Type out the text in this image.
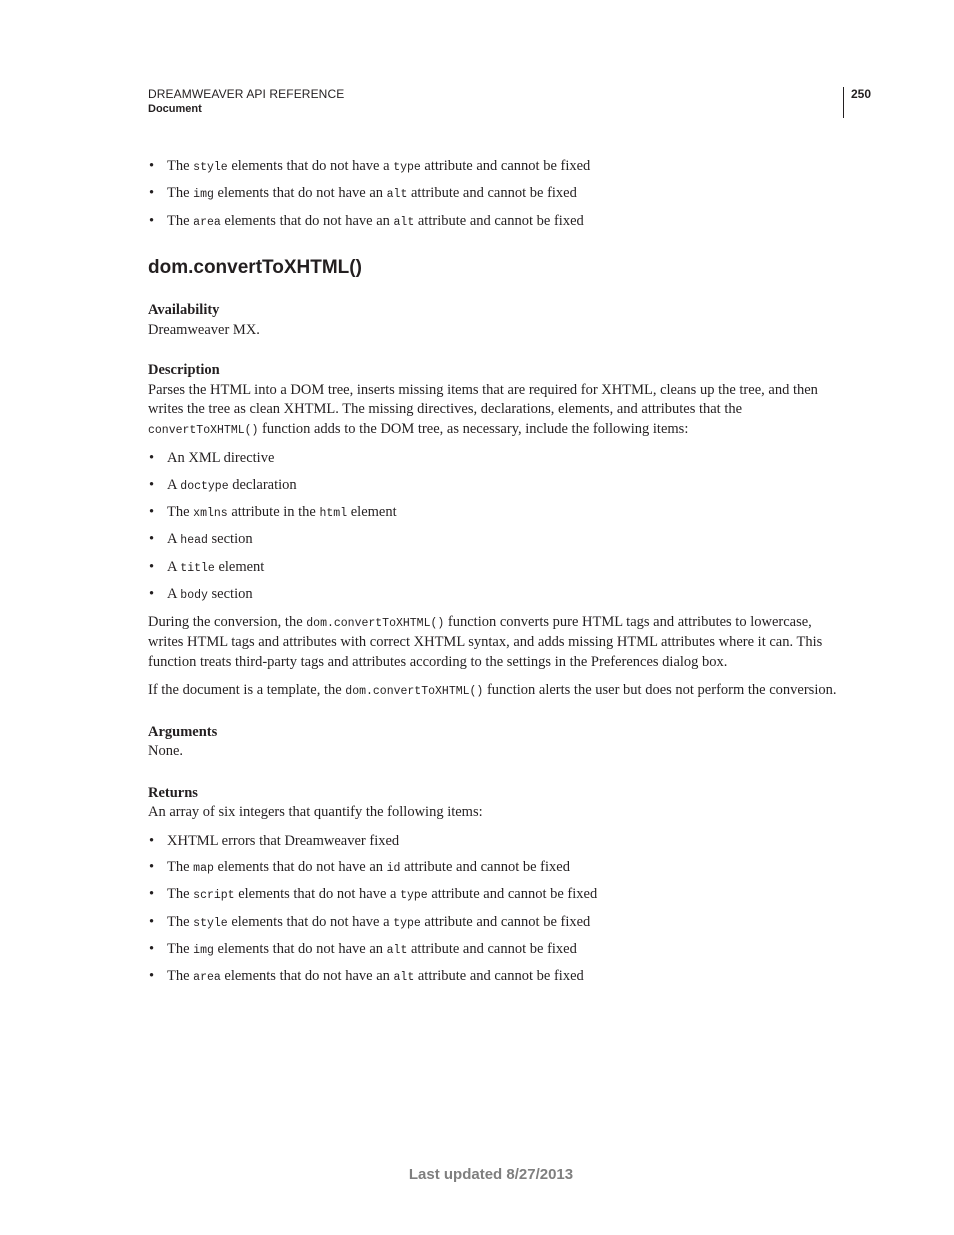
DREAMWEAVER API REFERENCE
Document
250
• The style elements that do not have a type attribute and cannot be fixed
• The img elements that do not have an alt attribute and cannot be fixed
• The area elements that do not have an alt attribute and cannot be fixed
dom.convertToXHTML()

Availability

Dreamweaver MX.

Description

Parses the HTML into a DOM tree, inserts missing items that are required for XHTML, cleans up the tree, and then writes the tree as clean XHTML. The missing directives, declarations, elements, and attributes that the convertToXHTML() function adds to the DOM tree, as necessary, include the following items:

• An XML directive
• A doctype declaration
• The xmlns attribute in the html element
• A head section
• A title element
• A body section

During the conversion, the dom.convertToXHTML() function converts pure HTML tags and attributes to lowercase, writes HTML tags and attributes with correct XHTML syntax, and adds missing HTML attributes where it can. This function treats third-party tags and attributes according to the settings in the Preferences dialog box.

If the document is a template, the dom.convertToXHTML() function alerts the user but does not perform the conversion.

Arguments

None.

Returns

An array of six integers that quantify the following items:

• XHTML errors that Dreamweaver fixed
• The map elements that do not have an id attribute and cannot be fixed
• The script elements that do not have a type attribute and cannot be fixed
• The style elements that do not have a type attribute and cannot be fixed
• The img elements that do not have an alt attribute and cannot be fixed
• The area elements that do not have an alt attribute and cannot be fixed
Last updated 8/27/2013
